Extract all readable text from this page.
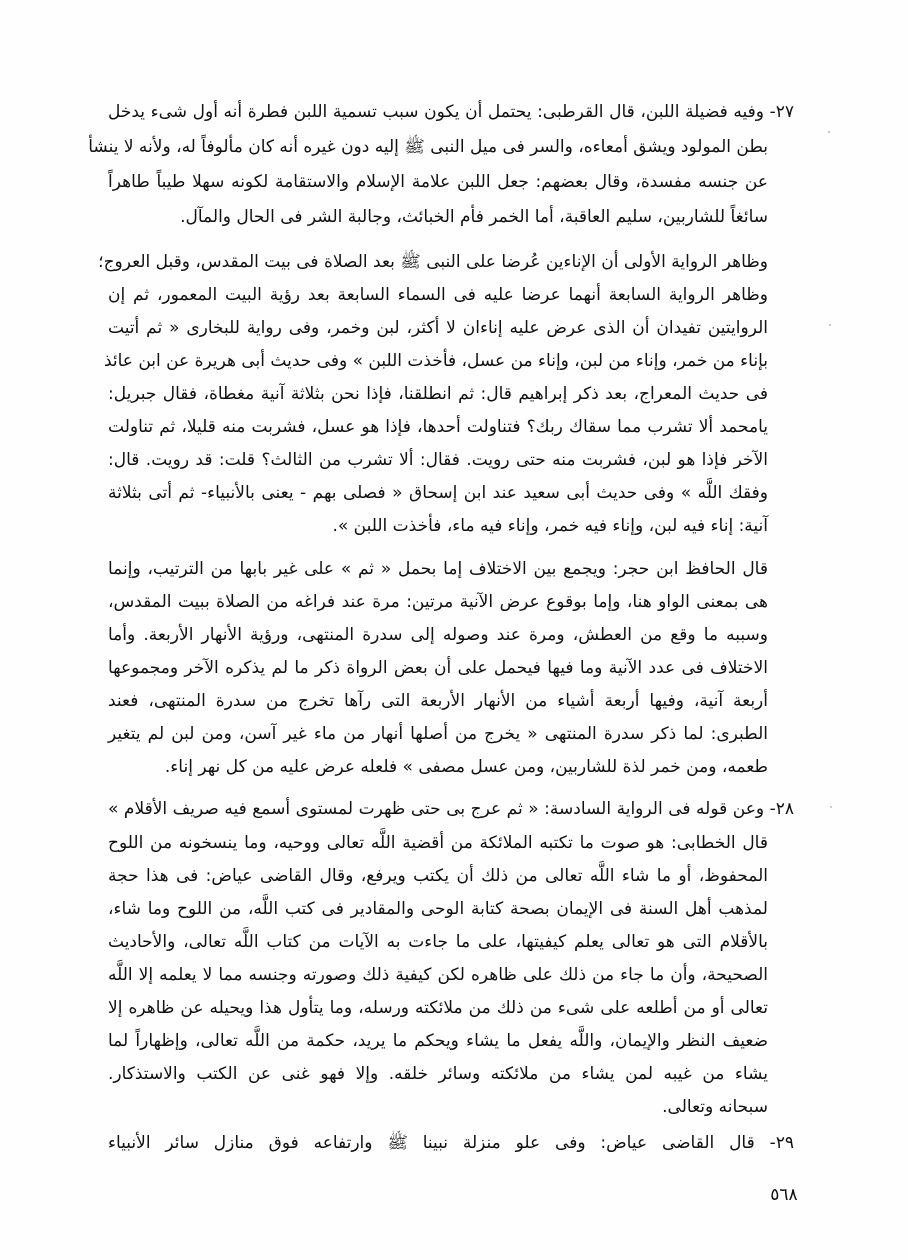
٢٧- وفيه فضيلة اللبن، قال القرطبى: يحتمل أن يكون سبب تسمية اللبن فطرة أنه أول شىء يدخل
بطن المولود ويشق أمعاءه، والسر فى ميل النبى ﷺ إليه دون غيره أنه كان مألوفاً له، ولأنه لا ينشأ
عن جنسه مفسدة، وقال بعضهم: جعل اللبن علامة الإسلام والاستقامة لكونه سهلا طيباً طاهراً
سائغاً للشاربين، سليم العاقبة، أما الخمر فأم الخبائث، وجالبة الشر فى الحال والمآل.
وظاهر الرواية الأولى أن الإناءين عُرضا على النبى ﷺ بعد الصلاة فى بيت المقدس، وقبل العروج؛
وظاهر الرواية السابعة أنهما عرضا عليه فى السماء السابعة بعد رؤية البيت المعمور، ثم إن
الروايتين تفيدان أن الذى عرض عليه إناءان لا أكثر، لبن وخمر، وفى رواية للبخارى « ثم أتيت
بإناء من خمر، وإناء من لبن، وإناء من عسل، فأخذت اللبن » وفى حديث أبى هريرة عن ابن عائذ
فى حديث المعراج، بعد ذكر إبراهيم قال: ثم انطلقنا، فإذا نحن بثلاثة آنية مغطاة، فقال جبريل:
يامحمد ألا تشرب مما سقاك ربك؟ فتناولت أحدها، فإذا هو عسل، فشربت منه قليلا، ثم تناولت
الآخر فإذا هو لبن، فشربت منه حتى رويت. فقال: ألا تشرب من الثالث؟ قلت: قد رويت. قال:
وفقك اللَّه » وفى حديث أبى سعيد عند ابن إسحاق « فصلى بهم - يعنى بالأنبياء- ثم أتى بثلاثة
آنية: إناء فيه لبن، وإناء فيه خمر، وإناء فيه ماء، فأخذت اللبن ».
قال الحافظ ابن حجر: ويجمع بين الاختلاف إما بحمل « ثم » على غير بابها من الترتيب، وإنما
هى بمعنى الواو هنا، وإما بوقوع عرض الآنية مرتين: مرة عند فراغه من الصلاة ببيت المقدس،
وسببه ما وقع من العطش، ومرة عند وصوله إلى سدرة المنتهى، ورؤية الأنهار الأربعة. وأما
الاختلاف فى عدد الآنية وما فيها فيحمل على أن بعض الرواة ذكر ما لم يذكره الآخر ومجموعها
أربعة آنية، وفيها أربعة أشياء من الأنهار الأربعة التى رآها تخرج من سدرة المنتهى، فعند
الطبرى: لما ذكر سدرة المنتهى « يخرج من أصلها أنهار من ماء غير آسن، ومن لبن لم يتغير
طعمه، ومن خمر لذة للشاربين، ومن عسل مصفى » فلعله عرض عليه من كل نهر إناء.
٢٨- وعن قوله فى الرواية السادسة: « ثم عرج بى حتى ظهرت لمستوى أسمع فيه صريف الأقلام »
قال الخطابى: هو صوت ما تكتبه الملائكة من أقضية اللَّه تعالى ووحيه، وما ينسخونه من اللوح
المحفوظ، أو ما شاء اللَّه تعالى من ذلك أن يكتب ويرفع، وقال القاضى عياض: فى هذا حجة
لمذهب أهل السنة فى الإيمان بصحة كتابة الوحى والمقادير فى كتب اللَّه، من اللوح وما شاء،
بالأقلام التى هو تعالى يعلم كيفيتها، على ما جاءت به الآيات من كتاب اللَّه تعالى، والأحاديث
الصحيحة، وأن ما جاء من ذلك على ظاهره لكن كيفية ذلك وصورته وجنسه مما لا يعلمه إلا اللَّه
تعالى أو من أطلعه على شىء من ذلك من ملائكته ورسله، وما يتأول هذا ويحيله عن ظاهره إلا
ضعيف النظر والإيمان، واللَّه يفعل ما يشاء ويحكم ما يريد، حكمة من اللَّه تعالى، وإظهاراً لما
يشاء من غيبه لمن يشاء من ملائكته وسائر خلقه. وإلا فهو غنى عن الكتب والاستذكار.
سبحانه وتعالى.
٢٩- قال القاضى عياض: وفى علو منزلة نبينا ﷺ وارتفاعه فوق منازل سائر الأنبياء
٥٦٨
